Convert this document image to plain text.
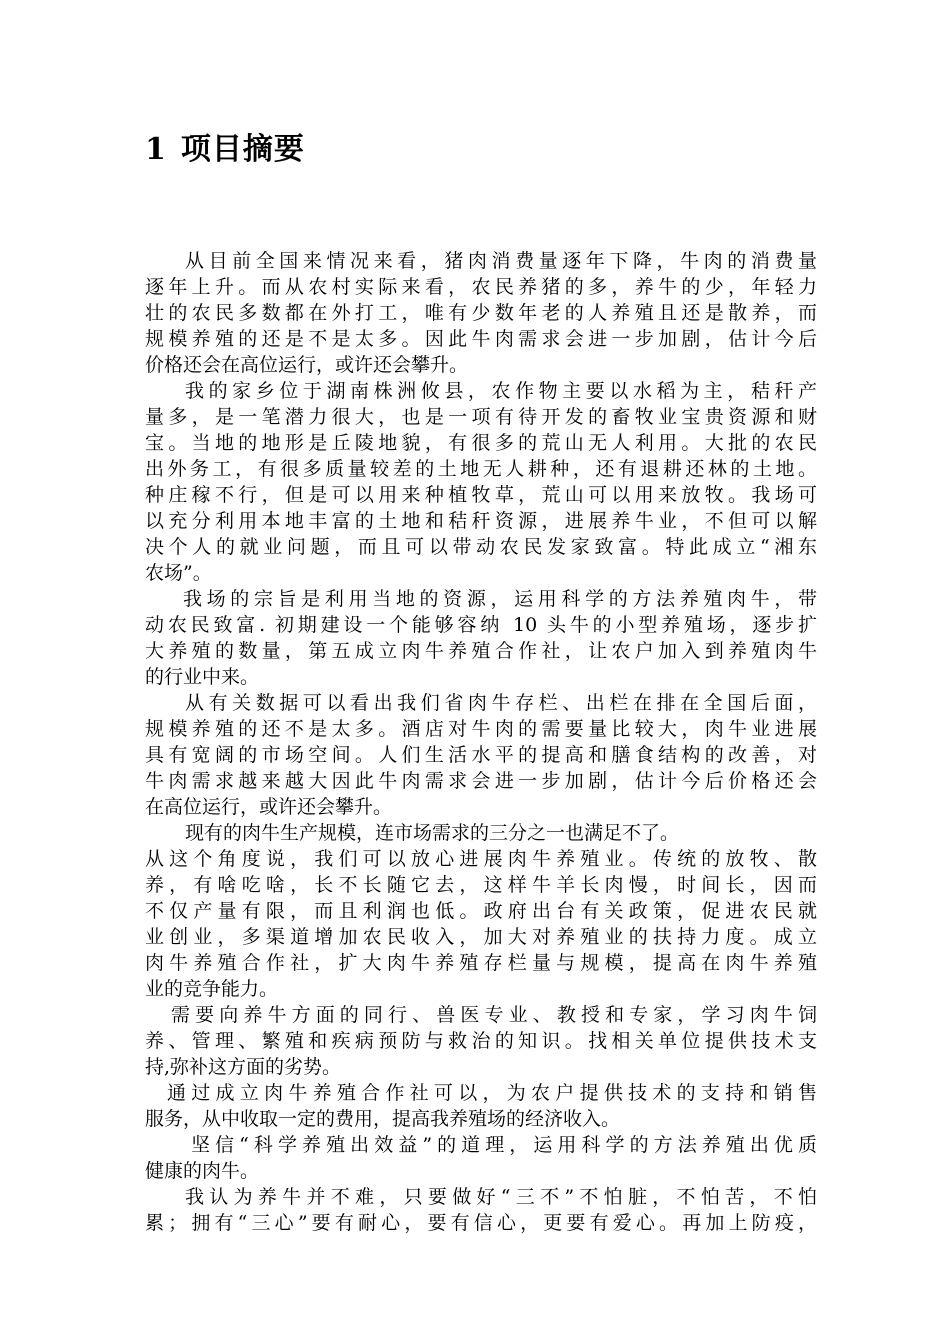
1 项目摘要
从目前全国来情况来看，猪肉消费量逐年下降，牛肉的消费量
逐年上升。而从农村实际来看，农民养猪的多，养牛的少，年轻力
壮的农民多数都在外打工，唯有少数年老的人养殖且还是散养，而
规模养殖的还是不是太多。因此牛肉需求会进一步加剧，估计今后
价格还会在高位运行，或许还会攀升。
我的家乡位于湖南株洲攸县，农作物主要以水稻为主，秸秆产
量多，是一笔潜力很大，也是一项有待开发的畜牧业宝贵资源和财
宝。当地的地形是丘陵地貌，有很多的荒山无人利用。大批的农民
出外务工，有很多质量较差的土地无人耕种，还有退耕还林的土地。
种庄稼不行，但是可以用来种植牧草，荒山可以用来放牧。我场可
以充分利用本地丰富的土地和秸秆资源，进展养牛业，不但可以解
决个人的就业问题，而且可以带动农民发家致富。特此成立“湘东
农场”。
我场的宗旨是利用当地的资源，运用科学的方法养殖肉牛，带
动农民致富. 初期建设一个能够容纳 10 头牛的小型养殖场，逐步扩
大养殖的数量，第五成立肉牛养殖合作社，让农户加入到养殖肉牛
的行业中来。
从有关数据可以看出我们省肉牛存栏、出栏在排在全国后面，
规模养殖的还不是太多。酒店对牛肉的需要量比较大，肉牛业进展
具有宽阔的市场空间。人们生活水平的提高和膳食结构的改善，对
牛肉需求越来越大因此牛肉需求会进一步加剧，估计今后价格还会
在高位运行，或许还会攀升。
现有的肉牛生产规模，连市场需求的三分之一也满足不了。
从这个角度说，我们可以放心进展肉牛养殖业。传统的放牧、散
养，有啥吃啥，长不长随它去，这样牛羊长肉慢，时间长，因而
不仅产量有限，而且利润也低。政府出台有关政策，促进农民就
业创业，多渠道增加农民收入，加大对养殖业的扶持力度。成立
肉牛养殖合作社，扩大肉牛养殖存栏量与规模，提高在肉牛养殖
业的竞争能力。
需要向养牛方面的同行、兽医专业、教授和专家，学习肉牛饲
养、管理、繁殖和疾病预防与救治的知识。找相关单位提供技术支
持,弥补这方面的劣势。
通过成立肉牛养殖合作社可以，为农户提供技术的支持和销售
服务，从中收取一定的费用，提高我养殖场的经济收入。
坚信“科学养殖出效益”的道理，运用科学的方法养殖出优质
健康的肉牛。
我认为养牛并不难，只要做好“三不”不怕脏，不怕苦，不怕
累；拥有“三心”要有耐心，要有信心，更要有爱心。再加上防疫，
